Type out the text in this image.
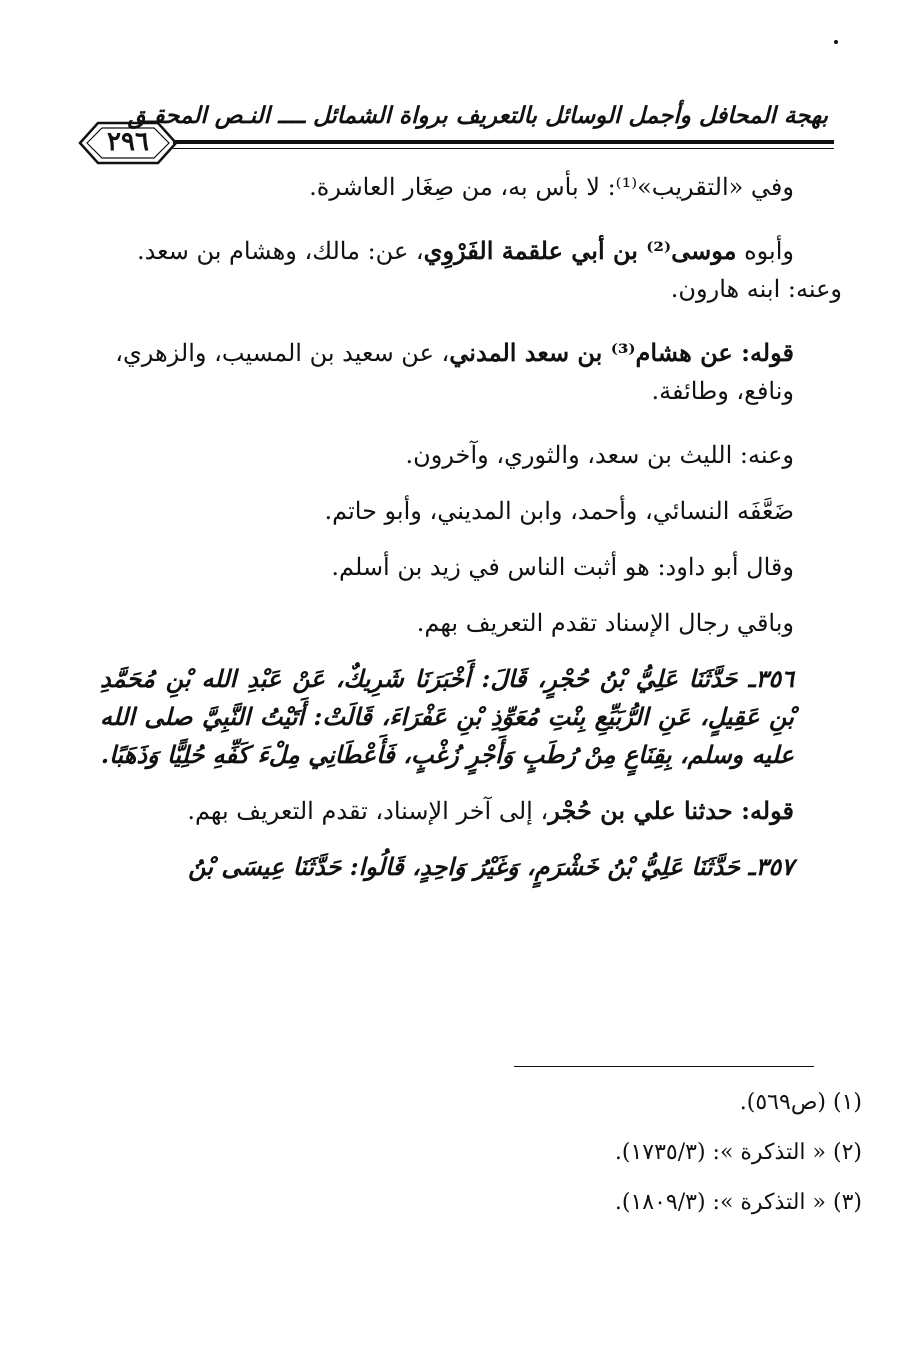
بهجة المحافل وأجمل الوسائل بالتعريف برواة الشمائل ــــ النـص المحقـق
٢٩٦

وفي «التقريب»⁽¹⁾: لا بأس به، من صِغَار العاشرة.

وأبوه موسى⁽²⁾ بن أبي علقمة الفَرْوِي، عن: مالك، وهشام بن سعد.

وعنه: ابنه هارون.

قوله: عن هشام⁽³⁾ بن سعد المدني، عن سعيد بن المسيب، والزهري، ونافع، وطائفة.

وعنه: الليث بن سعد، والثوري، وآخرون.

ضَعَّفَه النسائي، وأحمد، وابن المديني، وأبو حاتم.

وقال أبو داود: هو أثبت الناس في زيد بن أسلم.

وباقي رجال الإسناد تقدم التعريف بهم.

٣٥٦ـ حَدَّثَنَا عَلِيُّ بْنُ حُجْرٍ، قَالَ: أَخْبَرَنَا شَرِيكٌ، عَنْ عَبْدِ الله بْنِ مُحَمَّدِ بْنِ عَقِيلٍ، عَنِ الرُّبَيِّعِ بِنْتِ مُعَوِّذِ بْنِ عَفْرَاءَ، قَالَتْ: أَتَيْتُ النَّبِيَّ صلى الله عليه وسلم، بِقِنَاعٍ مِنْ رُطَبٍ وَأَجْرٍ زُغْبٍ، فَأَعْطَانِي مِلْءَ كَفِّهِ حُلِيًّا وَذَهَبًا.

قوله: حدثنا علي بن حُجْر، إلى آخر الإسناد، تقدم التعريف بهم.

٣٥٧ـ حَدَّثَنَا عَلِيُّ بْنُ خَشْرَمٍ، وَغَيْرُ وَاحِدٍ، قَالُوا: حَدَّثَنَا عِيسَى بْنُ

(١) (ص٥٦٩).

(٢) « التذكرة »: (١٧٣٥/٣).

(٣) « التذكرة »: (١٨٠٩/٣).
